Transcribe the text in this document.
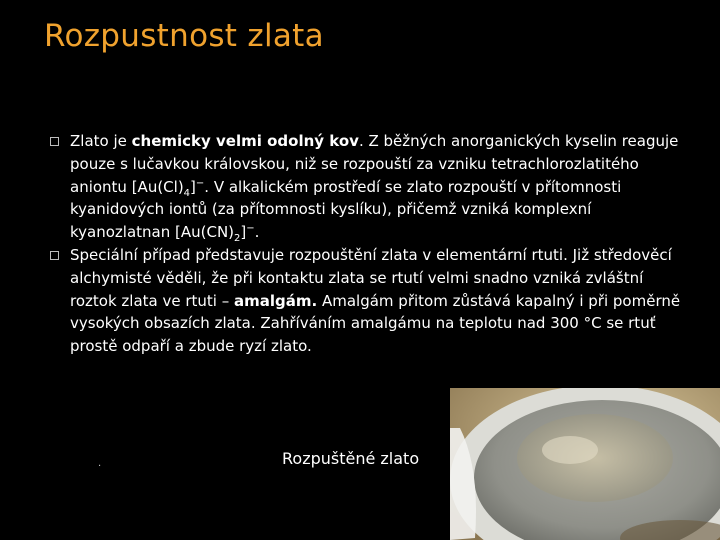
Rozpustnost zlata

Zlato je chemicky velmi odolný kov. Z běžných anorganických kyselin reaguje pouze s lučavkou královskou, niž se rozpouští za vzniku tetrachlorozlatitého aniontu $[Au(Cl)_4]^-$. V alkalickém prostředí se zlato rozpouští v přítomnosti kyanidových iontů (za přítomnosti kyslíku), přičemž vzniká komplexní kyanozlatnan $[Au(CN)_2]^-$.

Speciální případ představuje rozpouštění zlata v elementární rtuti. Již středověcí alchymisté věděli, že při kontaktu zlata se rtutí velmi snadno vzniká zvláštní roztok zlata ve rtuti – amalgám. Amalgám přitom zůstává kapalný i při poměrně vysokých obsazích zlata. Zahříváním amalgámu na teplotu nad 300 °C se rtuť prostě odpaří a zbude ryzí zlato.

.	Rozpuštěné zlato
